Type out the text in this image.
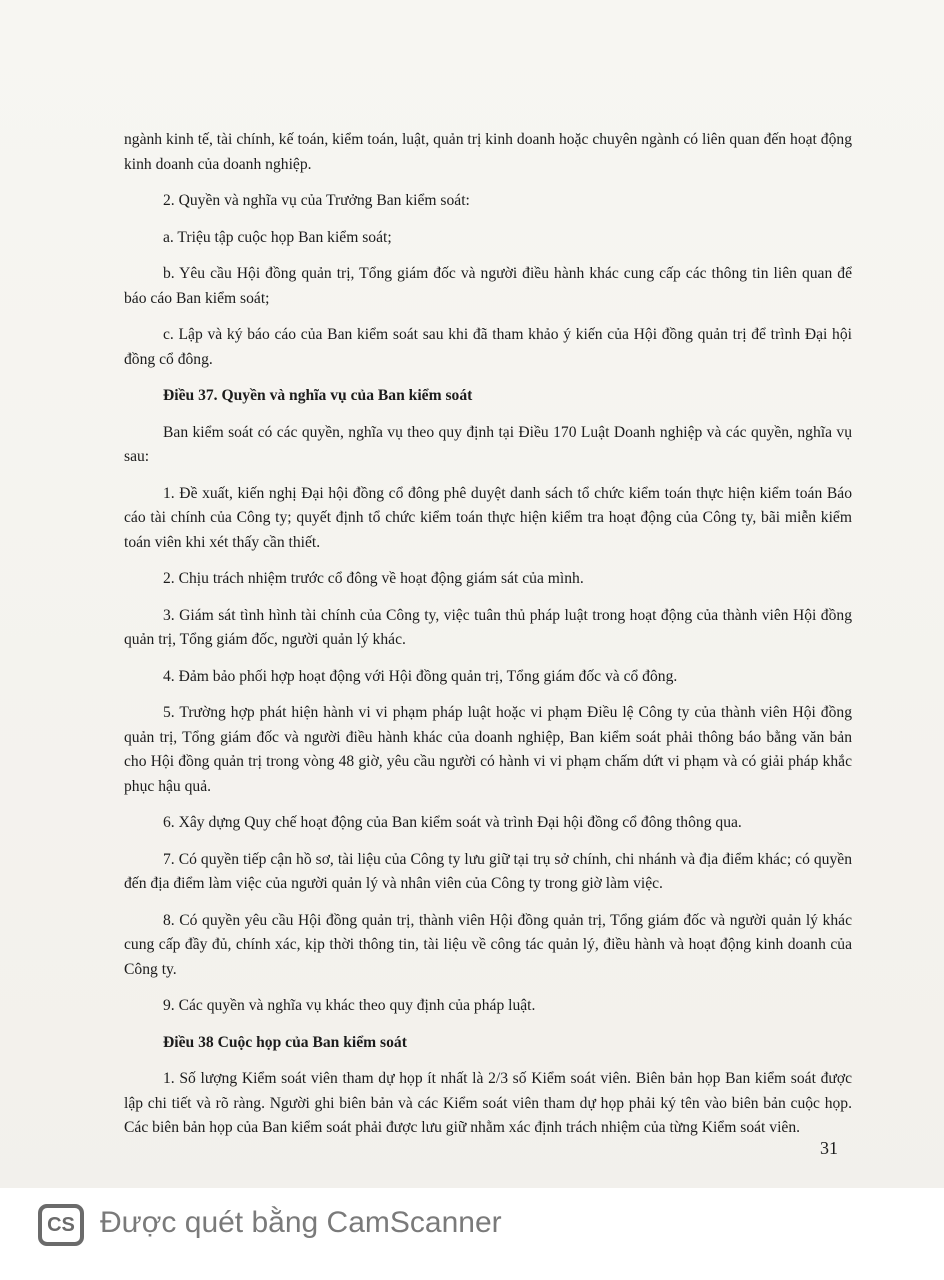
ngành kinh tế, tài chính, kế toán, kiểm toán, luật, quản trị kinh doanh hoặc chuyên ngành có liên quan đến hoạt động kinh doanh của doanh nghiệp.

2. Quyền và nghĩa vụ của Trưởng Ban kiểm soát:

a. Triệu tập cuộc họp Ban kiểm soát;

b. Yêu cầu Hội đồng quản trị, Tổng giám đốc và người điều hành khác cung cấp các thông tin liên quan để báo cáo Ban kiểm soát;

c. Lập và ký báo cáo của Ban kiểm soát sau khi đã tham khảo ý kiến của Hội đồng quản trị để trình Đại hội đồng cổ đông.

Điều 37. Quyền và nghĩa vụ của Ban kiểm soát

Ban kiểm soát có các quyền, nghĩa vụ theo quy định tại Điều 170 Luật Doanh nghiệp và các quyền, nghĩa vụ sau:

1. Đề xuất, kiến nghị Đại hội đồng cổ đông phê duyệt danh sách tổ chức kiểm toán thực hiện kiểm toán Báo cáo tài chính của Công ty; quyết định tổ chức kiểm toán thực hiện kiểm tra hoạt động của Công ty, bãi miễn kiểm toán viên khi xét thấy cần thiết.

2. Chịu trách nhiệm trước cổ đông về hoạt động giám sát của mình.

3. Giám sát tình hình tài chính của Công ty, việc tuân thủ pháp luật trong hoạt động của thành viên Hội đồng quản trị, Tổng giám đốc, người quản lý khác.

4. Đảm bảo phối hợp hoạt động với Hội đồng quản trị, Tổng giám đốc và cổ đông.

5. Trường hợp phát hiện hành vi vi phạm pháp luật hoặc vi phạm Điều lệ Công ty của thành viên Hội đồng quản trị, Tổng giám đốc và người điều hành khác của doanh nghiệp, Ban kiểm soát phải thông báo bằng văn bản cho Hội đồng quản trị trong vòng 48 giờ, yêu cầu người có hành vi vi phạm chấm dứt vi phạm và có giải pháp khắc phục hậu quả.

6. Xây dựng Quy chế hoạt động của Ban kiểm soát và trình Đại hội đồng cổ đông thông qua.

7. Có quyền tiếp cận hồ sơ, tài liệu của Công ty lưu giữ tại trụ sở chính, chi nhánh và địa điểm khác; có quyền đến địa điểm làm việc của người quản lý và nhân viên của Công ty trong giờ làm việc.

8. Có quyền yêu cầu Hội đồng quản trị, thành viên Hội đồng quản trị, Tổng giám đốc và người quản lý khác cung cấp đầy đủ, chính xác, kịp thời thông tin, tài liệu về công tác quản lý, điều hành và hoạt động kinh doanh của Công ty.

9. Các quyền và nghĩa vụ khác theo quy định của pháp luật.

Điều 38 Cuộc họp của Ban kiểm soát

1. Số lượng Kiểm soát viên tham dự họp ít nhất là 2/3 số Kiểm soát viên. Biên bản họp Ban kiểm soát được lập chi tiết và rõ ràng. Người ghi biên bản và các Kiểm soát viên tham dự họp phải ký tên vào biên bản cuộc họp. Các biên bản họp của Ban kiểm soát phải được lưu giữ nhằm xác định trách nhiệm của từng Kiểm soát viên.

31
CS Được quét bằng CamScanner
